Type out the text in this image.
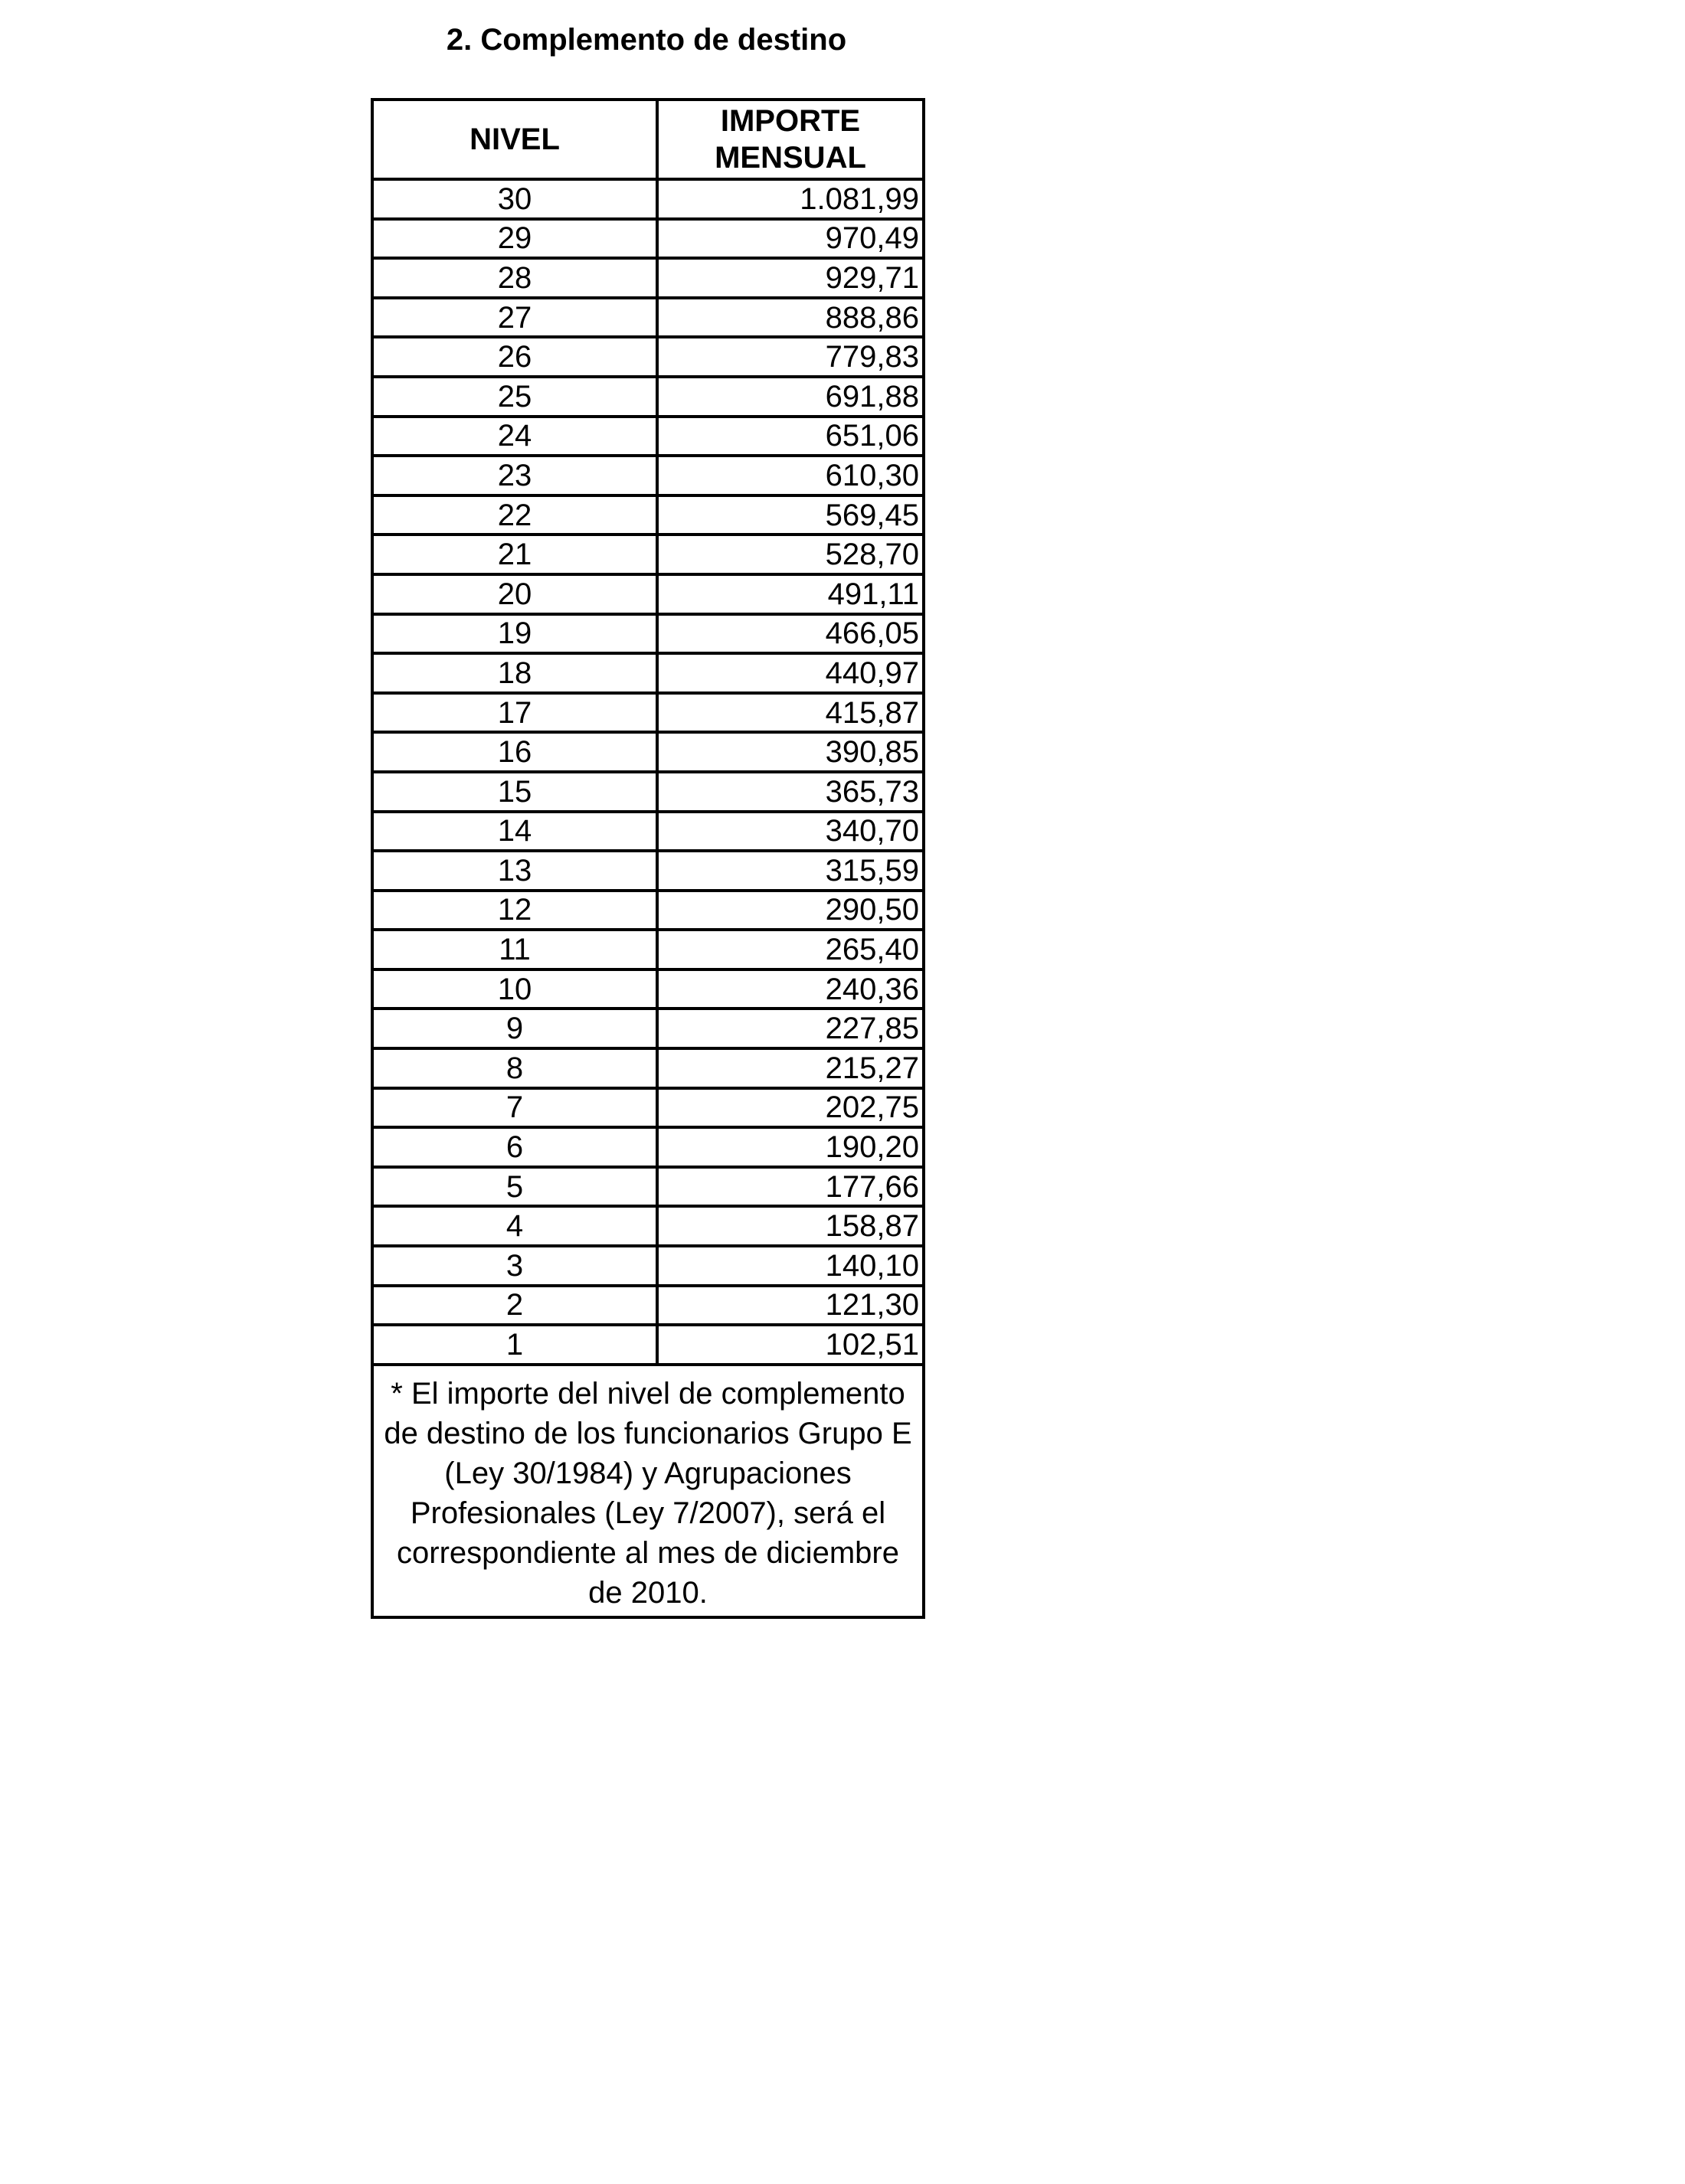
2. Complemento de destino
NIVEL	IMPORTE
MENSUAL
30	1.081,99
29	970,49
28	929,71
27	888,86
26	779,83
25	691,88
24	651,06
23	610,30
22	569,45
21	528,70
20	491,11
19	466,05
18	440,97
17	415,87
16	390,85
15	365,73
14	340,70
13	315,59
12	290,50
11	265,40
10	240,36
9	227,85
8	215,27
7	202,75
6	190,20
5	177,66
4	158,87
3	140,10
2	121,30
1	102,51
* El importe del nivel de complemento de destino de los funcionarios Grupo E (Ley 30/1984) y Agrupaciones Profesionales (Ley 7/2007), será el correspondiente al mes de diciembre de 2010.	
